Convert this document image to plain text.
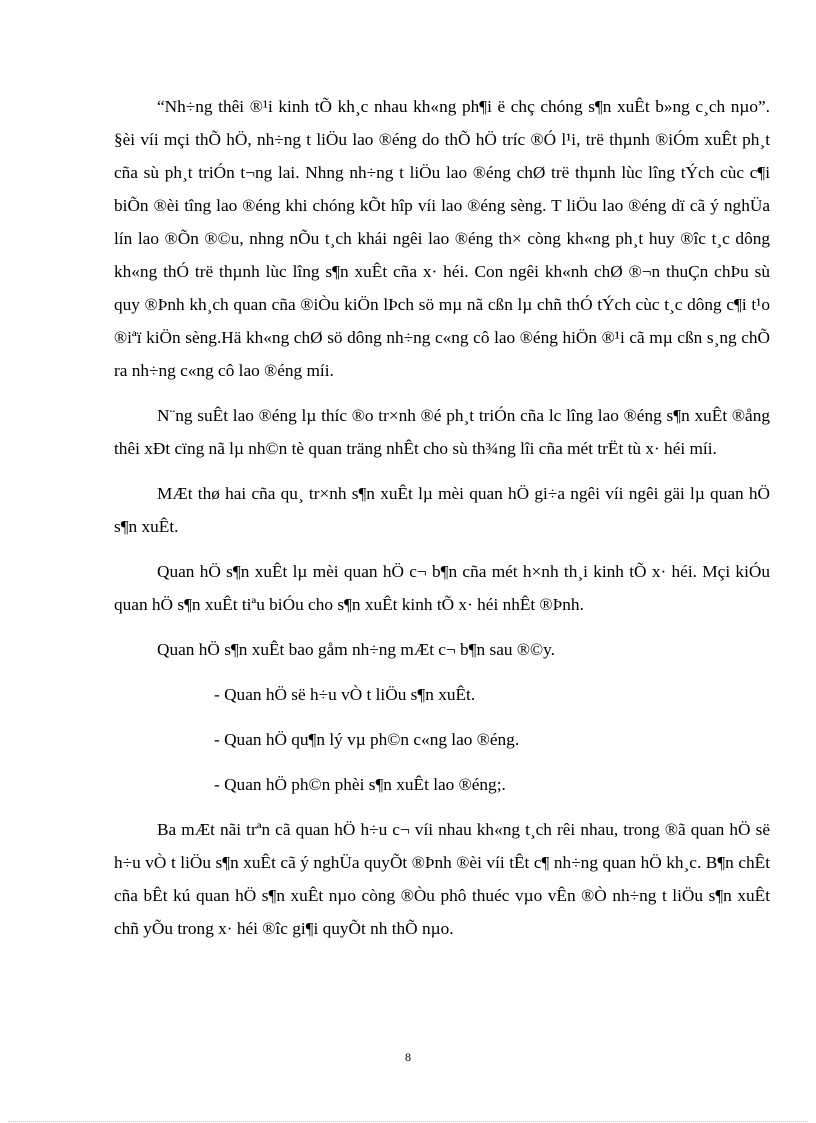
“Nh÷ng thêi ®¹i kinh tÕ kh¸c nhau kh«ng ph¶i ë chç chóng s¶n xuÊt b»ng c¸ch nµo”. §èi víi mçi thÕ hÖ, nh÷ng t liÖu lao ®éng do thÕ hÖ tríc ®Ó l¹i, trë thµnh ®iÓm xuÊt ph¸t cña sù ph¸t triÓn t¬ng lai. Nhng nh÷ng t liÖu lao ®éng chØ trë thµnh lùc lîng tÝch cùc c¶i biÕn ®èi tîng lao ®éng khi chóng kÕt hîp víi lao ®éng sèng. T liÖu lao ®éng dï cã ý nghÜa lín lao ®Õn ®©u, nhng nÕu t¸ch khái ngêi lao ®éng th× còng kh«ng ph¸t huy ®îc t¸c dông kh«ng thÓ trë thµnh lùc lîng s¶n xuÊt cña x· héi. Con ngêi kh«nh chØ ®¬n thuÇn chÞu sù quy ®Þnh kh¸ch quan cña ®iÒu kiÖn lÞch sö mµ nã cßn lµ chñ thÓ tÝch cùc t¸c dông c¶i t¹o ®iªï kiÖn sèng.Hä kh«ng chØ sö dông nh÷ng c«ng cô lao ®éng hiÖn ®¹i cã mµ cßn s¸ng chÕ ra nh÷ng c«ng cô lao ®éng míi.

N¨ng suÊt lao ®éng lµ thíc ®o tr×nh ®é ph¸t triÓn cña lc lîng lao ®éng s¶n xuÊt ®ång thêi xÐt cïng nã lµ nh©n tè quan träng nhÊt cho sù th¾ng lîi cña mét trËt tù x· héi míi.

MÆt thø hai cña qu¸ tr×nh s¶n xuÊt lµ mèi quan hÖ gi÷a ngêi víi ngêi gäi lµ quan hÖ s¶n xuÊt.

Quan hÖ s¶n xuÊt lµ mèi quan hÖ c¬ b¶n cña mét h×nh th¸i kinh tÕ x· héi. Mçi kiÓu quan hÖ s¶n xuÊt tiªu biÓu cho s¶n xuÊt kinh tÕ x· héi nhÊt ®Þnh.

Quan hÖ s¶n xuÊt bao gåm nh÷ng mÆt c¬ b¶n sau ®©y.

- Quan hÖ së h÷u vÒ t liÖu s¶n xuÊt.

- Quan hÖ qu¶n lý vµ ph©n c«ng lao ®éng.

- Quan hÖ ph©n phèi s¶n xuÊt lao ®éng;.

Ba mÆt nãi trªn cã quan hÖ h÷u c¬ víi nhau kh«ng t¸ch rêi nhau, trong ®ã quan hÖ së h÷u vÒ t liÖu s¶n xuÊt cã ý nghÜa quyÕt ®Þnh ®èi víi tÊt c¶ nh÷ng quan hÖ kh¸c. B¶n chÊt cña bÊt kú quan hÖ s¶n xuÊt nµo còng ®Òu phô thuéc vµo vÊn ®Ò nh÷ng t liÖu s¶n xuÊt chñ yÕu trong x· héi ®îc gi¶i quyÕt nh thÕ nµo.

8
